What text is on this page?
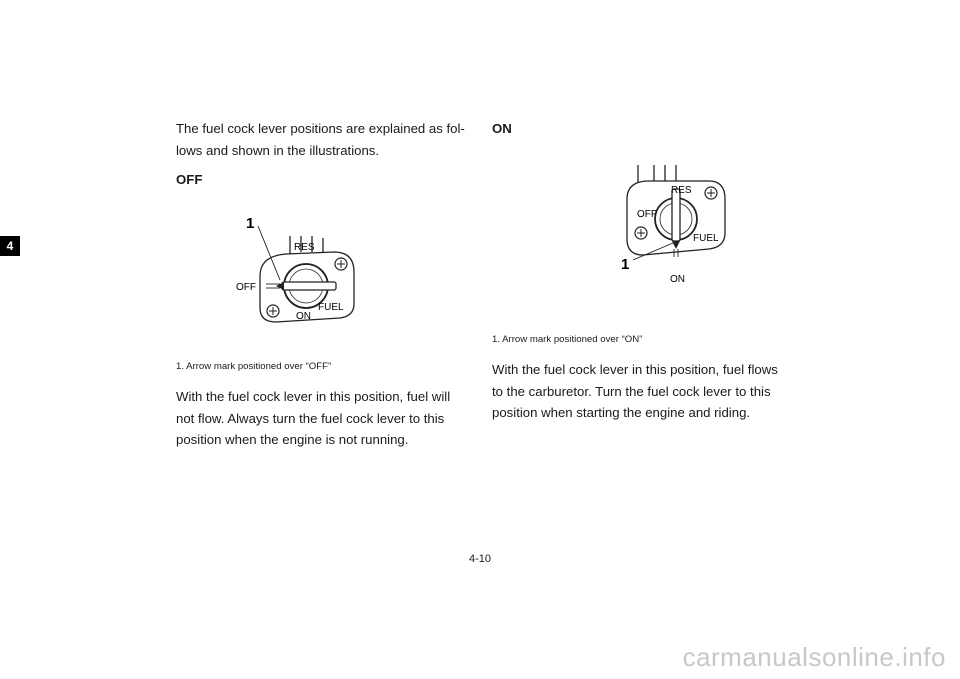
4

The fuel cock lever positions are explained as fol-lows and shown in the illustrations.

OFF
1
RES
OFF
ON
FUEL

1. Arrow mark positioned over “OFF”

With the fuel cock lever in this position, fuel will not flow. Always turn the fuel cock lever to this position when the engine is not running.

ON
1
RES
OFF
FUEL
ON

1. Arrow mark positioned over “ON”

With the fuel cock lever in this position, fuel flows to the carburetor. Turn the fuel cock lever to this position when starting the engine and riding.

4-10
carmanualsonline.info
